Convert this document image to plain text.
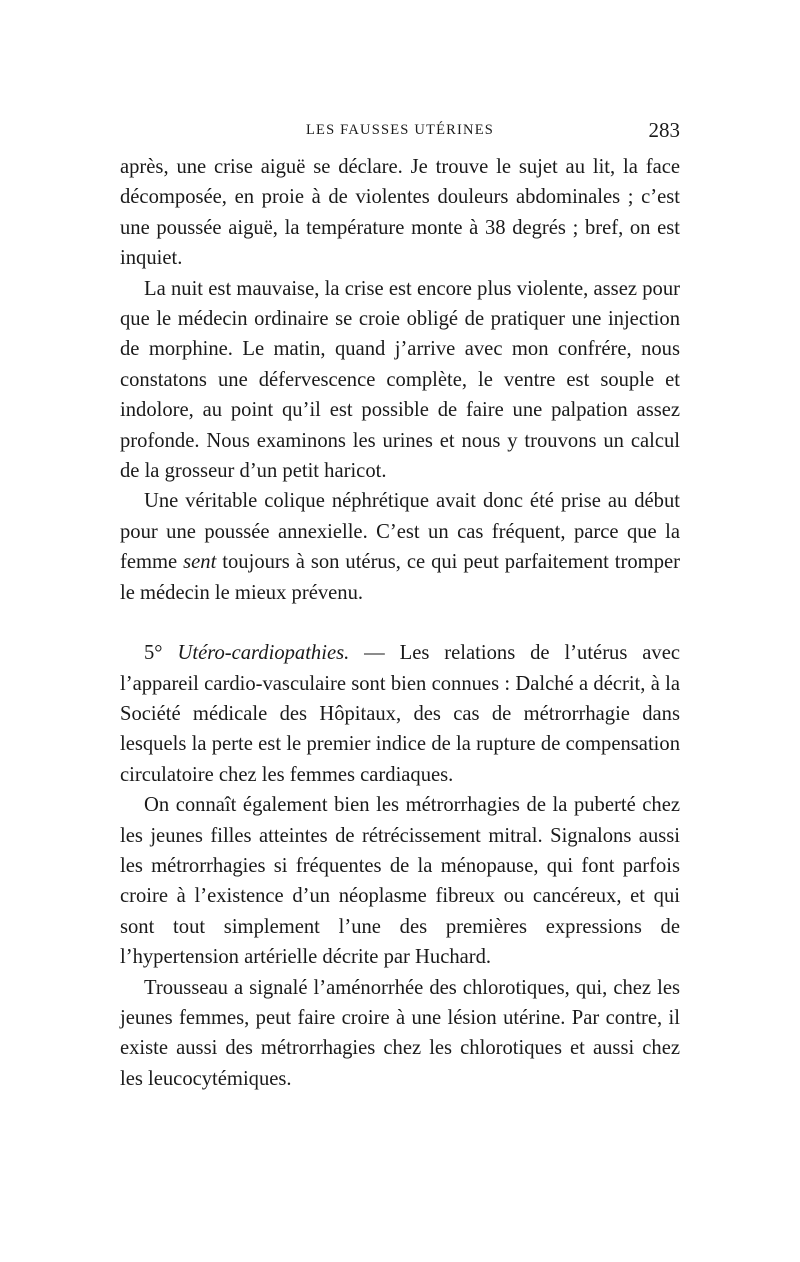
LES FAUSSES UTÉRINES	283

après, une crise aiguë se déclare. Je trouve le sujet au lit, la face décomposée, en proie à de violentes douleurs abdominales ; c’est une poussée aiguë, la température monte à 38 degrés ; bref, on est inquiet.

La nuit est mauvaise, la crise est encore plus violente, assez pour que le médecin ordinaire se croie obligé de pratiquer une injection de morphine. Le matin, quand j’arrive avec mon confrére, nous constatons une défervescence complète, le ventre est souple et indolore, au point qu’il est possible de faire une palpation assez profonde. Nous examinons les urines et nous y trouvons un calcul de la grosseur d’un petit haricot.

Une véritable colique néphrétique avait donc été prise au début pour une poussée annexielle. C’est un cas fréquent, parce que la femme sent toujours à son utérus, ce qui peut parfaitement tromper le médecin le mieux prévenu.

5° Utéro-cardiopathies. — Les relations de l’utérus avec l’appareil cardio-vasculaire sont bien connues : Dalché a décrit, à la Société médicale des Hôpitaux, des cas de métrorrhagie dans lesquels la perte est le premier indice de la rupture de compensation circulatoire chez les femmes cardiaques.

On connaît également bien les métrorrhagies de la puberté chez les jeunes filles atteintes de rétrécissement mitral. Signalons aussi les métrorrhagies si fréquentes de la ménopause, qui font parfois croire à l’existence d’un néoplasme fibreux ou cancéreux, et qui sont tout simplement l’une des premières expressions de l’hypertension artérielle décrite par Huchard.

Trousseau a signalé l’aménorrhée des chlorotiques, qui, chez les jeunes femmes, peut faire croire à une lésion utérine. Par contre, il existe aussi des métrorrhagies chez les chlorotiques et aussi chez les leucocytémiques.
